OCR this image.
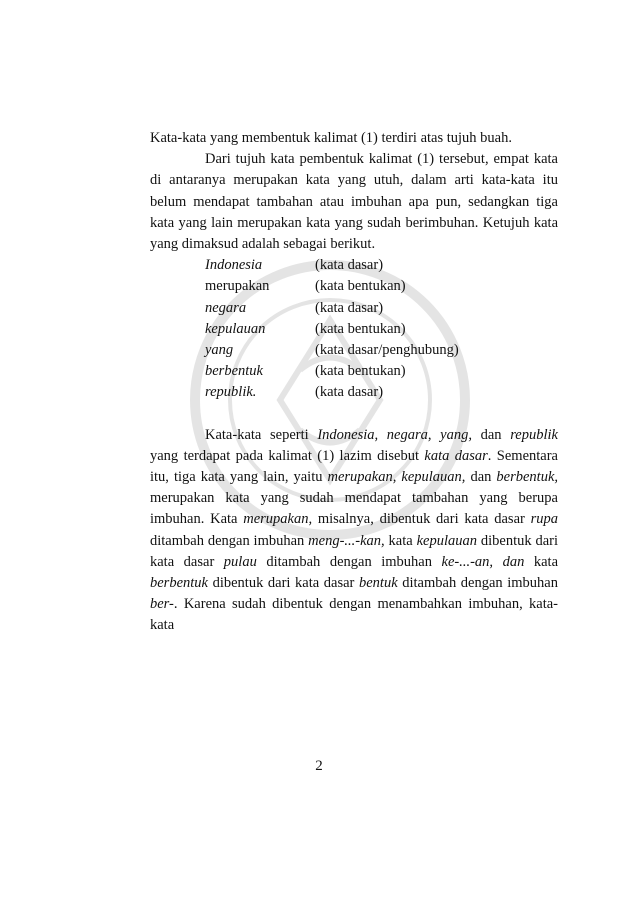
Kata-kata yang membentuk kalimat (1) terdiri atas tujuh buah.

Dari tujuh kata pembentuk kalimat (1) tersebut, empat kata di antaranya merupakan kata yang utuh, dalam arti kata-kata itu belum mendapat tambahan atau imbuhan apa pun, sedangkan tiga kata yang lain merupakan kata yang sudah berimbuhan. Ketujuh kata yang dimaksud adalah sebagai berikut.

Indonesia	(kata dasar)
merupakan	(kata bentukan)
negara	(kata dasar)
kepulauan	(kata bentukan)
yang	(kata dasar/penghubung)
berbentuk	(kata bentukan)
republik.	(kata dasar)

Kata-kata seperti Indonesia, negara, yang, dan republik yang terdapat pada kalimat (1) lazim disebut kata dasar. Sementara itu, tiga kata yang lain, yaitu merupakan, kepulauan, dan berbentuk, merupakan kata yang sudah mendapat tambahan yang berupa imbuhan. Kata merupakan, misalnya, dibentuk dari kata dasar rupa ditambah dengan imbuhan meng-...-kan, kata kepulauan dibentuk dari kata dasar pulau ditambah dengan imbuhan ke-...-an, dan kata berbentuk dibentuk dari kata dasar bentuk ditambah dengan imbuhan ber-. Karena sudah dibentuk dengan menambahkan imbuhan, kata-kata

2
